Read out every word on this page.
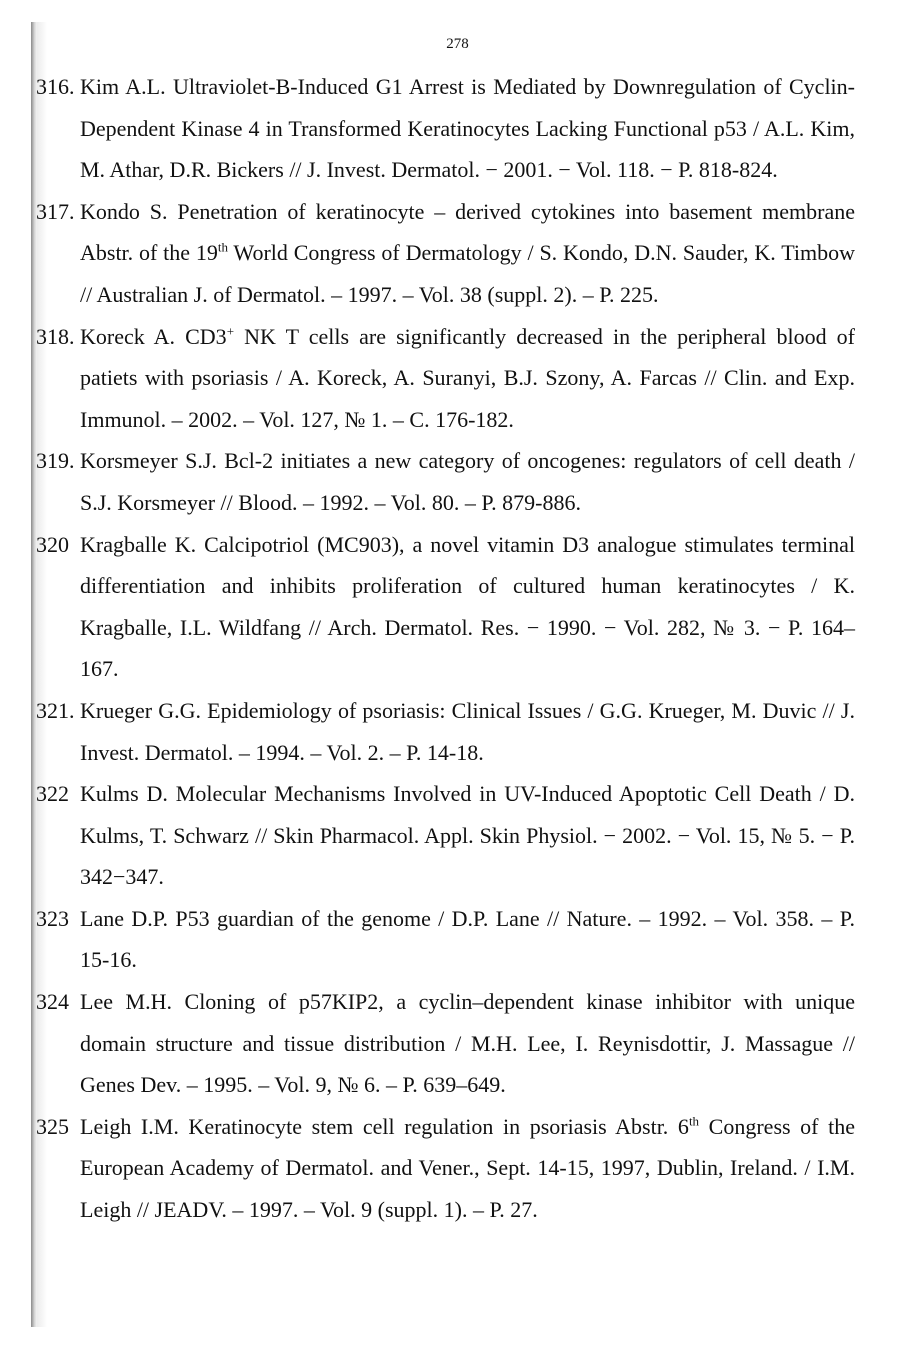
278
316. Kim A.L. Ultraviolet-B-Induced G1 Arrest is Mediated by Downregulation of Cyclin-Dependent Kinase 4 in Transformed Keratinocytes Lacking Functional p53 / A.L. Kim, M. Athar, D.R. Bickers // J. Invest. Dermatol. − 2001. − Vol. 118. − P. 818-824.
317. Kondo S. Penetration of keratinocyte – derived cytokines into basement membrane Abstr. of the 19th World Congress of Dermatology / S. Kondo, D.N. Sauder, K. Timbow // Australian J. of Dermatol. – 1997. – Vol. 38 (suppl. 2). – P. 225.
318. Koreck A. CD3+ NK T cells are significantly decreased in the peripheral blood of patiets with psoriasis / A. Koreck, A. Suranyi, B.J. Szony, A. Farcas // Clin. and Exp. Immunol. – 2002. – Vol. 127, № 1. – C. 176-182.
319. Korsmeyer S.J. Bcl-2 initiates a new category of oncogenes: regulators of cell death / S.J. Korsmeyer // Blood. – 1992. – Vol. 80. – P. 879-886.
320 Kragballe K. Calcipotriol (MC903), a novel vitamin D3 analogue stimulates terminal differentiation and inhibits proliferation of cultured human keratinocytes / K. Kragballe, I.L. Wildfang // Arch. Dermatol. Res. − 1990. − Vol. 282, № 3. − P. 164–167.
321. Krueger G.G. Epidemiology of psoriasis: Clinical Issues / G.G. Krueger, M. Duvic // J. Invest. Dermatol. – 1994. – Vol. 2. – P. 14-18.
322 Kulms D. Molecular Mechanisms Involved in UV-Induced Apoptotic Cell Death / D. Kulms, T. Schwarz // Skin Pharmacol. Appl. Skin Physiol. − 2002. − Vol. 15, № 5. − P. 342−347.
323 Lane D.P. P53 guardian of the genome / D.P. Lane // Nature. – 1992. – Vol. 358. – P. 15-16.
324 Lee M.H. Cloning of p57KIP2, a cyclin–dependent kinase inhibitor with unique domain structure and tissue distribution / M.H. Lee, I. Reynisdottir, J. Massague // Genes Dev. – 1995. – Vol. 9, № 6. – P. 639–649.
325 Leigh I.M. Keratinocyte stem cell regulation in psoriasis Abstr. 6th Congress of the European Academy of Dermatol. and Vener., Sept. 14-15, 1997, Dublin, Ireland. / I.M. Leigh // JEADV. – 1997. – Vol. 9 (suppl. 1). – P. 27.
